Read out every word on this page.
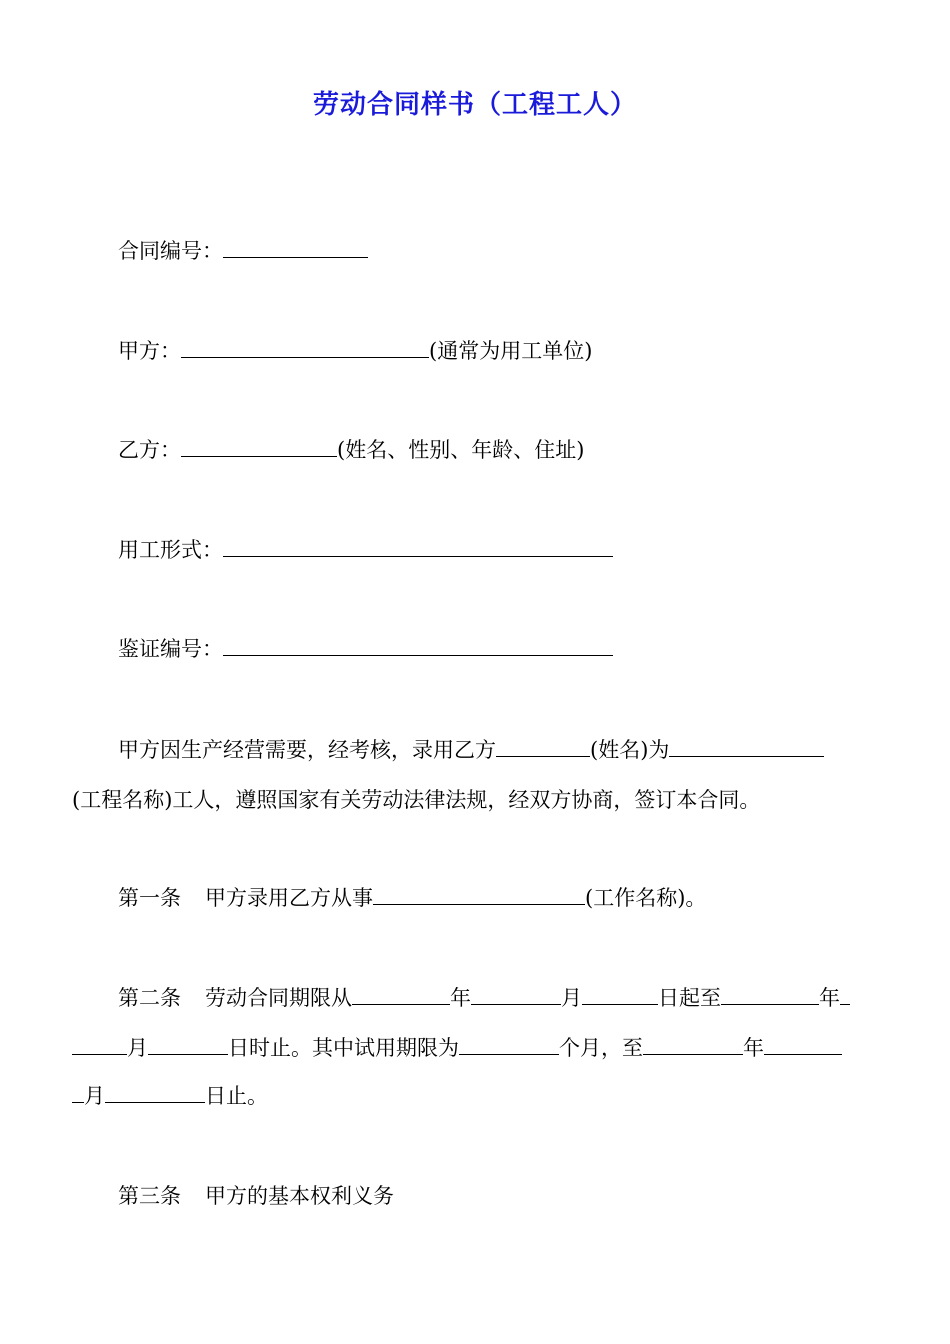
劳动合同样书（工程工人）
合同编号：
甲方：	(通常为用工单位)
乙方：	(姓名、性别、年龄、住址)
用工形式：
鉴证编号：
甲方因生产经营需要，经考核，录用乙方	(姓名)为
(工程名称)工人，遵照国家有关劳动法律法规，经双方协商，签订本合同。
第一条 甲方录用乙方从事	(工作名称)。
第二条 劳动合同期限从	年	月	日起至	年
月	日时止。其中试用期限为	个月，至	年
月	日止。
第三条 甲方的基本权利义务
